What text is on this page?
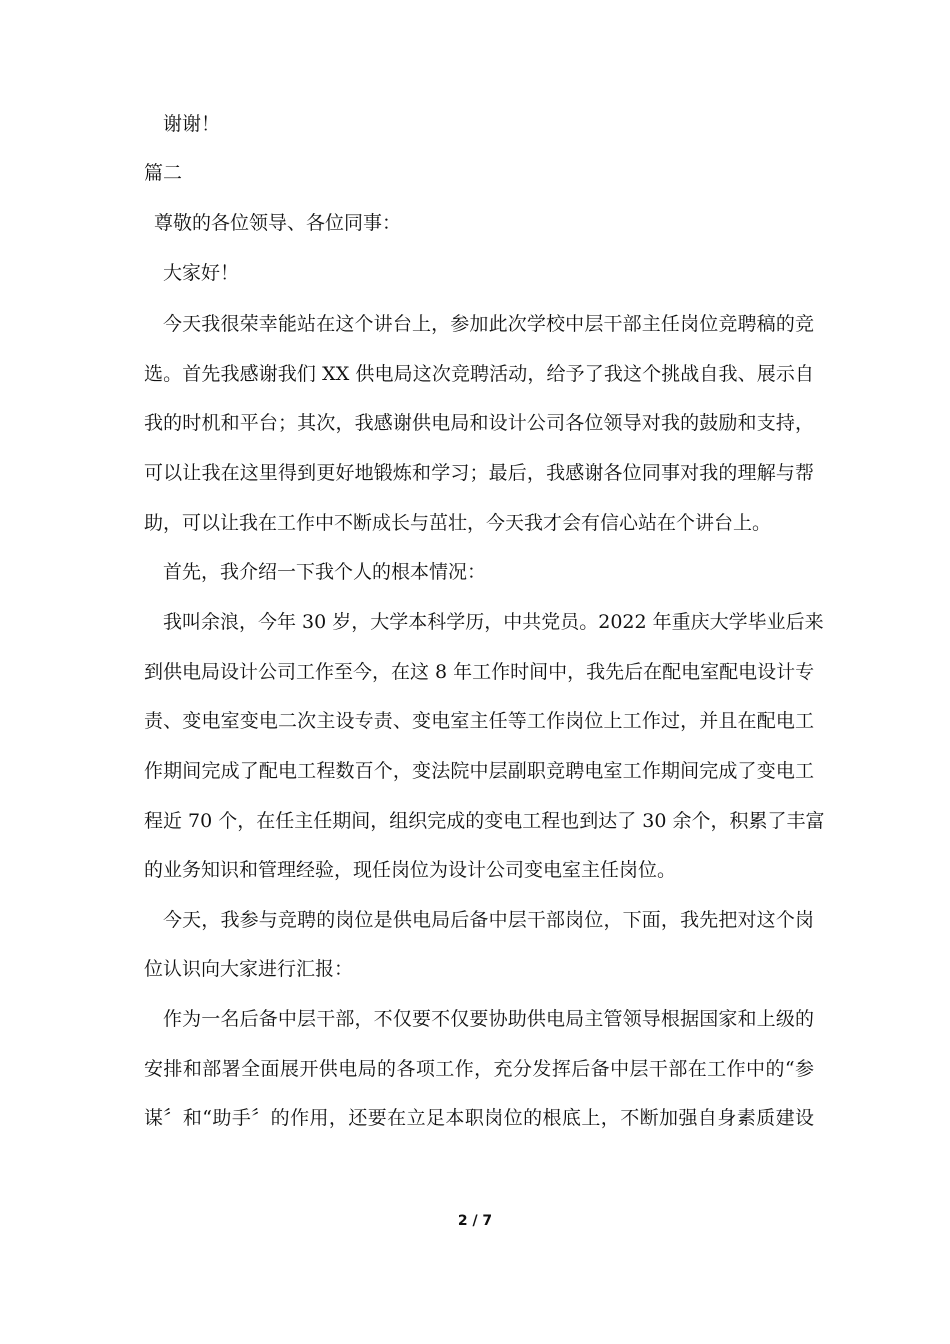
谢谢！
篇二
尊敬的各位领导、各位同事：
大家好！
今天我很荣幸能站在这个讲台上，参加此次学校中层干部主任岗位竞聘稿的竞
选。首先我感谢我们 XX 供电局这次竞聘活动，给予了我这个挑战自我、展示自
我的时机和平台；其次，我感谢供电局和设计公司各位领导对我的鼓励和支持，
可以让我在这里得到更好地锻炼和学习；最后，我感谢各位同事对我的理解与帮
助，可以让我在工作中不断成长与茁壮，今天我才会有信心站在个讲台上。
首先，我介绍一下我个人的根本情况：
我叫余浪，今年 30 岁，大学本科学历，中共党员。2022 年重庆大学毕业后来
到供电局设计公司工作至今，在这 8 年工作时间中，我先后在配电室配电设计专
责、变电室变电二次主设专责、变电室主任等工作岗位上工作过，并且在配电工
作期间完成了配电工程数百个，变法院中层副职竞聘电室工作期间完成了变电工
程近 70 个，在任主任期间，组织完成的变电工程也到达了 30 余个，积累了丰富
的业务知识和管理经验，现任岗位为设计公司变电室主任岗位。
今天，我参与竞聘的岗位是供电局后备中层干部岗位，下面，我先把对这个岗
位认识向大家进行汇报：
作为一名后备中层干部，不仅要不仅要协助供电局主管领导根据国家和上级的
安排和部署全面展开供电局的各项工作，充分发挥后备中层干部在工作中的“参
谋〞和“助手〞的作用，还要在立足本职岗位的根底上，不断加强自身素质建设
2 / 7
